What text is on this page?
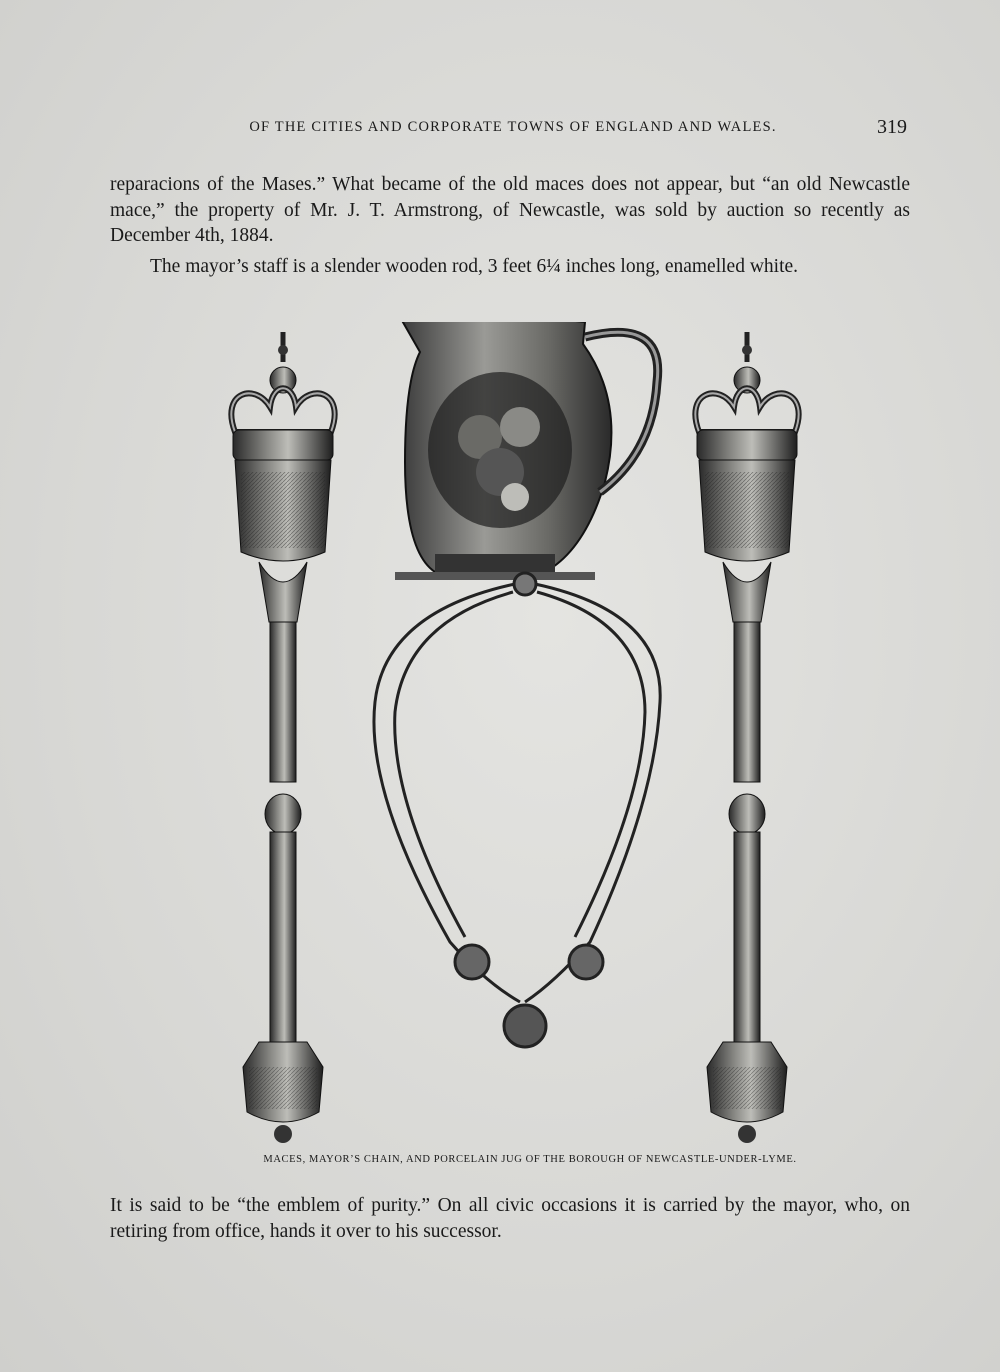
OF THE CITIES AND CORPORATE TOWNS OF ENGLAND AND WALES.	319
reparacions of the Mases.” What became of the old maces does not appear, but “an old Newcastle mace,” the property of Mr. J. T. Armstrong, of Newcastle, was sold by auction so recently as December 4th, 1884.
The mayor’s staff is a slender wooden rod, 3 feet 6¼ inches long, enamelled white.
MACES, MAYOR’S CHAIN, AND PORCELAIN JUG OF THE BOROUGH OF NEWCASTLE-UNDER-LYME.
It is said to be “the emblem of purity.” On all civic occasions it is carried by the mayor, who, on retiring from office, hands it over to his successor.
